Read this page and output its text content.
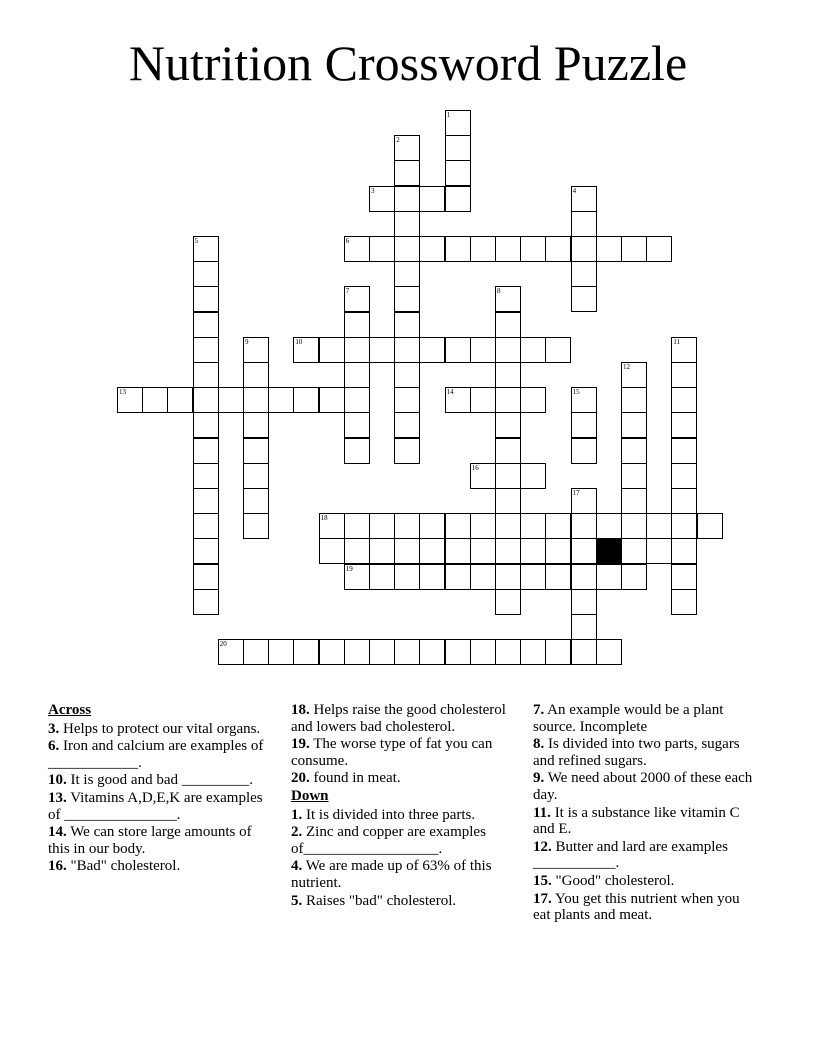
Nutrition Crossword Puzzle
1
2
3	4
5	6
7	8
9	10	11
12
13	14	15
16
17
18
19
20
Across
3. Helps to protect our vital organs.
6. Iron and calcium are examples of ____________.
10. It is good and bad _________.
13. Vitamins A,D,E,K are examples of _______________.
14. We can store large amounts of this in our body.
16. "Bad" cholesterol.
18. Helps raise the good cholesterol and lowers bad cholesterol.
19. The worse type of fat you can consume.
20. found in meat.
Down
1. It is divided into three parts.
2. Zinc and copper are examples of__________________.
4. We are made up of 63% of this nutrient.
5. Raises "bad" cholesterol.
7. An example would be a plant source. Incomplete
8. Is divided into two parts, sugars and refined sugars.
9. We need about 2000 of these each day.
11. It is a substance like vitamin C and E.
12. Butter and lard are examples ___________.
15. "Good" cholesterol.
17. You get this nutrient when you eat plants and meat.
